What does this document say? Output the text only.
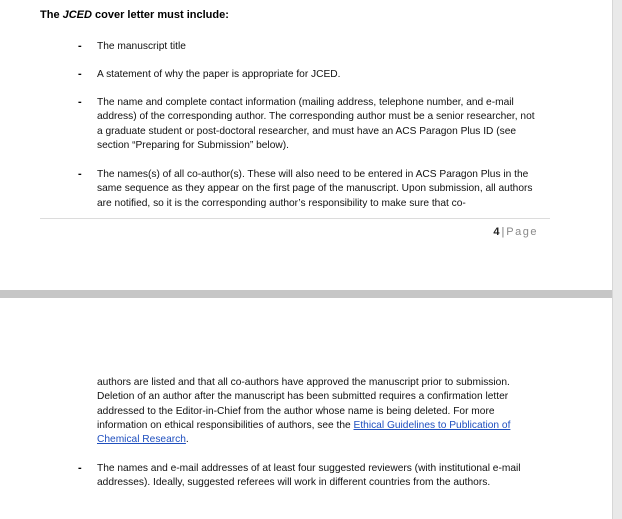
The JCED cover letter must include:
- The manuscript title
- A statement of why the paper is appropriate for JCED.
- The name and complete contact information (mailing address, telephone number, and e-mail address) of the corresponding author. The corresponding author must be a senior researcher, not a graduate student or post-doctoral researcher, and must have an ACS Paragon Plus ID (see section “Preparing for Submission” below).
- The names(s) of all co-author(s). These will also need to be entered in ACS Paragon Plus in the same sequence as they appear on the first page of the manuscript. Upon submission, all authors are notified, so it is the corresponding author’s responsibility to make sure that co-
4 | Page
authors are listed and that all co-authors have approved the manuscript prior to submission. Deletion of an author after the manuscript has been submitted requires a confirmation letter addressed to the Editor-in-Chief from the author whose name is being deleted. For more information on ethical responsibilities of authors, see the Ethical Guidelines to Publication of Chemical Research.
- The names and e-mail addresses of at least four suggested reviewers (with institutional e-mail addresses). Ideally, suggested referees will work in different countries from the authors.
